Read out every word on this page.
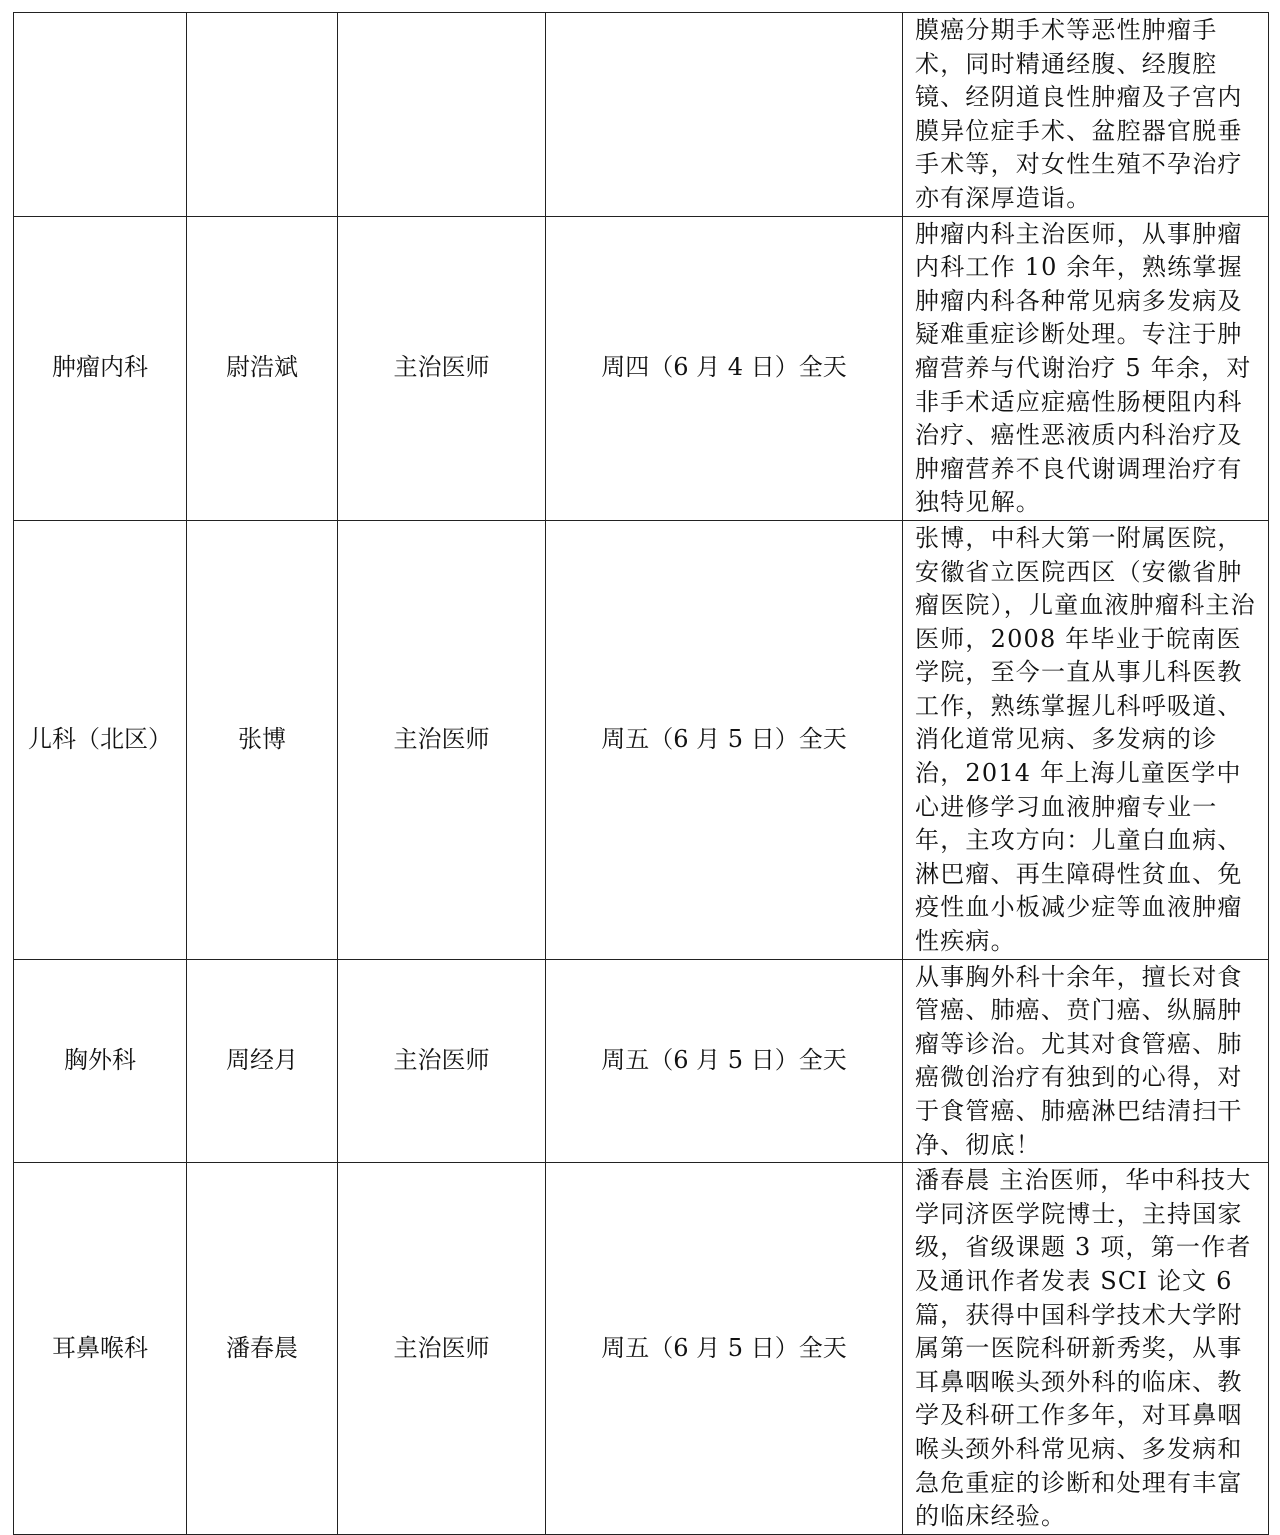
				膜癌分期手术等恶性肿瘤手术，同时精通经腹、经腹腔镜、经阴道良性肿瘤及子宫内膜异位症手术、盆腔器官脱垂手术等，对女性生殖不孕治疗亦有深厚造诣。
肿瘤内科	尉浩斌	主治医师	周四（6 月 4 日）全天	肿瘤内科主治医师，从事肿瘤内科工作 10 余年，熟练掌握肿瘤内科各种常见病多发病及疑难重症诊断处理。专注于肿瘤营养与代谢治疗 5 年余，对非手术适应症癌性肠梗阻内科治疗、癌性恶液质内科治疗及肿瘤营养不良代谢调理治疗有独特见解。
儿科（北区）	张博	主治医师	周五（6 月 5 日）全天	张博，中科大第一附属医院，安徽省立医院西区（安徽省肿瘤医院），儿童血液肿瘤科主治医师，2008 年毕业于皖南医学院，至今一直从事儿科医教工作，熟练掌握儿科呼吸道、消化道常见病、多发病的诊治，2014 年上海儿童医学中心进修学习血液肿瘤专业一年，主攻方向：儿童白血病、淋巴瘤、再生障碍性贫血、免疫性血小板减少症等血液肿瘤性疾病。
胸外科	周经月	主治医师	周五（6 月 5 日）全天	从事胸外科十余年，擅长对食管癌、肺癌、贲门癌、纵膈肿瘤等诊治。尤其对食管癌、肺癌微创治疗有独到的心得，对于食管癌、肺癌淋巴结清扫干净、彻底！
耳鼻喉科	潘春晨	主治医师	周五（6 月 5 日）全天	潘春晨 主治医师，华中科技大学同济医学院博士，主持国家级，省级课题 3 项，第一作者及通讯作者发表 SCI 论文 6 篇，获得中国科学技术大学附属第一医院科研新秀奖，从事耳鼻咽喉头颈外科的临床、教学及科研工作多年，对耳鼻咽喉头颈外科常见病、多发病和急危重症的诊断和处理有丰富的临床经验。
